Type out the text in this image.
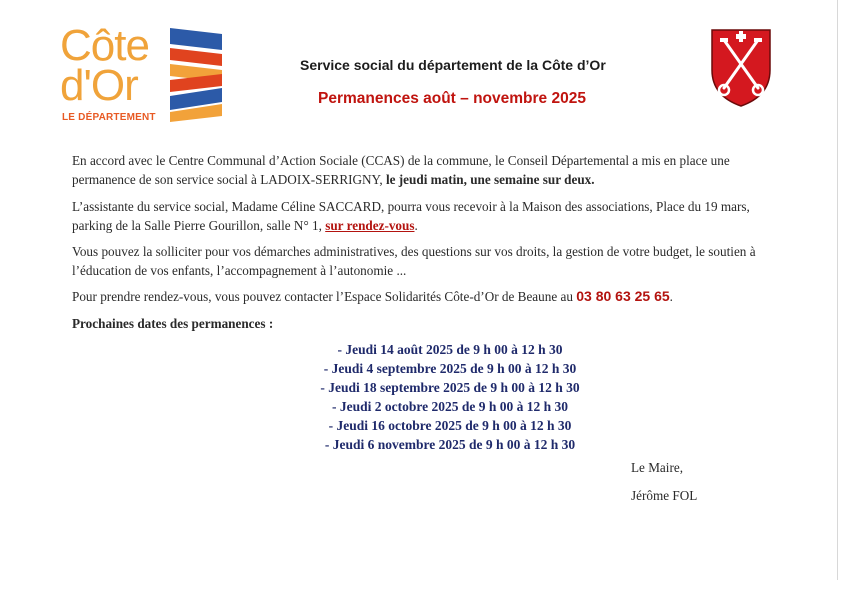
Côte
d'Or
LE DÉPARTEMENT
Service social du département de la Côte d’Or
Permanences août – novembre 2025

En accord avec le Centre Communal d’Action Sociale (CCAS) de la commune, le Conseil Départemental a mis en place une permanence de son service social à LADOIX-SERRIGNY, le jeudi matin, une semaine sur deux.

L’assistante du service social, Madame Céline SACCARD, pourra vous recevoir à la Maison des associations, Place du 19 mars, parking de la Salle Pierre Gourillon, salle N° 1, sur rendez-vous.

Vous pouvez la solliciter pour vos démarches administratives, des questions sur vos droits, la gestion de votre budget, le soutien à l’éducation de vos enfants, l’accompagnement à l’autonomie ...

Pour prendre rendez-vous, vous pouvez contacter l’Espace Solidarités Côte-d’Or de Beaune au 03 80 63 25 65.

Prochaines dates des permanences :

- Jeudi 14 août 2025 de 9 h 00 à 12 h 30
- Jeudi 4 septembre 2025 de 9 h 00 à 12 h 30
- Jeudi 18 septembre 2025 de 9 h 00 à 12 h 30
- Jeudi 2 octobre 2025 de 9 h 00 à 12 h 30
- Jeudi 16 octobre 2025 de 9 h 00 à 12 h 30
- Jeudi 6 novembre 2025 de 9 h 00 à 12 h 30
Le Maire,
Jérôme FOL
